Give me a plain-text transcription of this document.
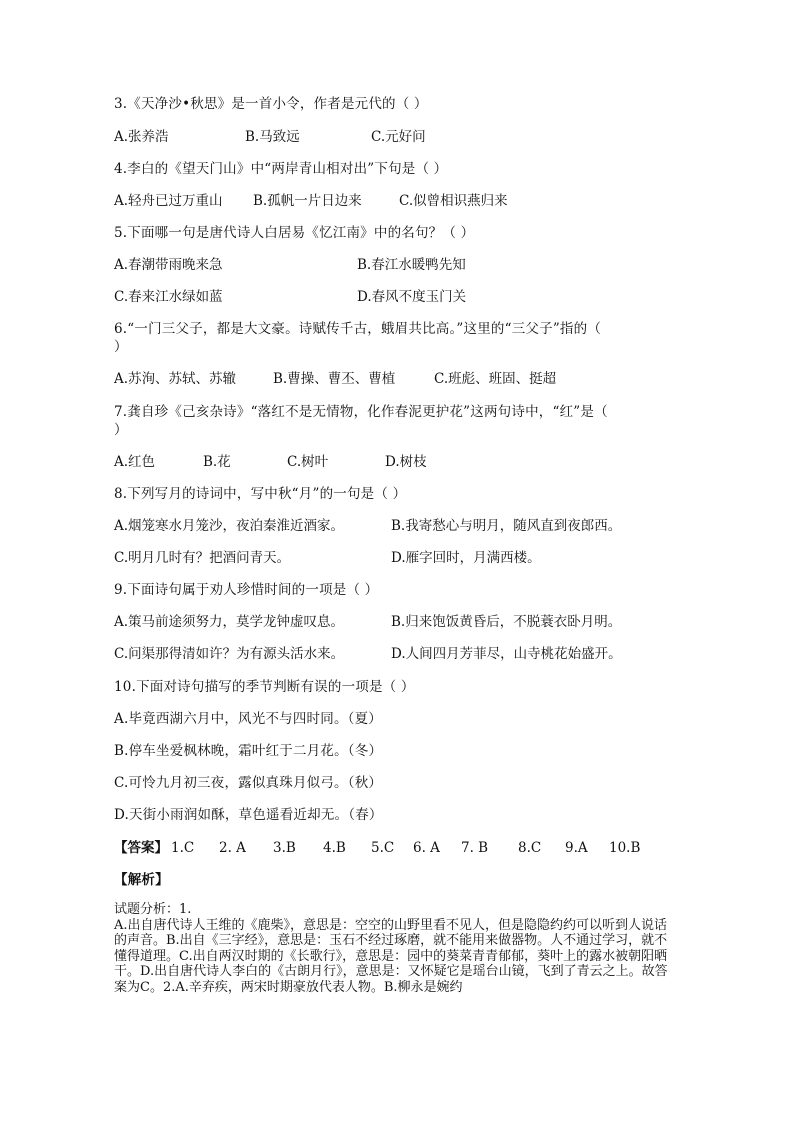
3.《天净沙•秋思》是一首小令，作者是元代的（ ）
A.张养浩	B.马致远	C.元好问
4.李白的《望天门山》中“两岸青山相对出”下句是（ ）
A.轻舟已过万重山 B.孤帆一片日边来	C.似曾相识燕归来
5.下面哪一句是唐代诗人白居易《忆江南》中的名句？（ ）
A.春潮带雨晚来急	B.春江水暖鸭先知
C.春来江水绿如蓝	D.春风不度玉门关
6.“一门三父子，都是大文豪。诗赋传千古，蛾眉共比高。”这里的“三父子”指的（
）
A.苏洵、苏轼、苏辙	B.曹操、曹丕、曹植	C.班彪、班固、挺超
7.龚自珍《己亥杂诗》“落红不是无情物，化作春泥更护花”这两句诗中，“红”是（
）
A.红色	B.花	C.树叶	D.树枝
8.下列写月的诗词中，写中秋“月”的一句是（ ）
A.烟笼寒水月笼沙，夜泊秦淮近酒家。	B.我寄愁心与明月，随风直到夜郎西。
C.明月几时有？把酒问青天。	D.雁字回时，月满西楼。
9.下面诗句属于劝人珍惜时间的一项是（ ）
A.策马前途须努力，莫学龙钟虚叹息。	B.归来饱饭黄昏后，不脱蓑衣卧月明。
C.问渠那得清如许？为有源头活水来。	D.人间四月芳菲尽，山寺桃花始盛开。
10.下面对诗句描写的季节判断有误的一项是（ ）
A.毕竟西湖六月中，风光不与四时同。（夏）
B.停车坐爱枫林晚，霜叶红于二月花。（冬）
C.可怜九月初三夜，露似真珠月似弓。（秋）
D.天街小雨润如酥，草色遥看近却无。（春）
【答案】 1.C 2. A 3.B 4.B 5.C 6. A 7. B 8.C 9.A 10.B
【解析】

试题分析：1.

A.出自唐代诗人王维的《鹿柴》，意思是：空空的山野里看不见人，但是隐隐约约可以听到人说话的声音。B.出自《三字经》，意思是：玉石不经过琢磨，就不能用来做器物。人不通过学习，就不懂得道理。C.出自两汉时期的《长歌行》，意思是：园中的葵菜青青郁郁，葵叶上的露水被朝阳晒干。D.出自唐代诗人李白的《古朗月行》，意思是：又怀疑它是瑶台山镜，飞到了青云之上。故答案为C。2.A.辛弃疾，两宋时期豪放代表人物。B.柳永是婉约
